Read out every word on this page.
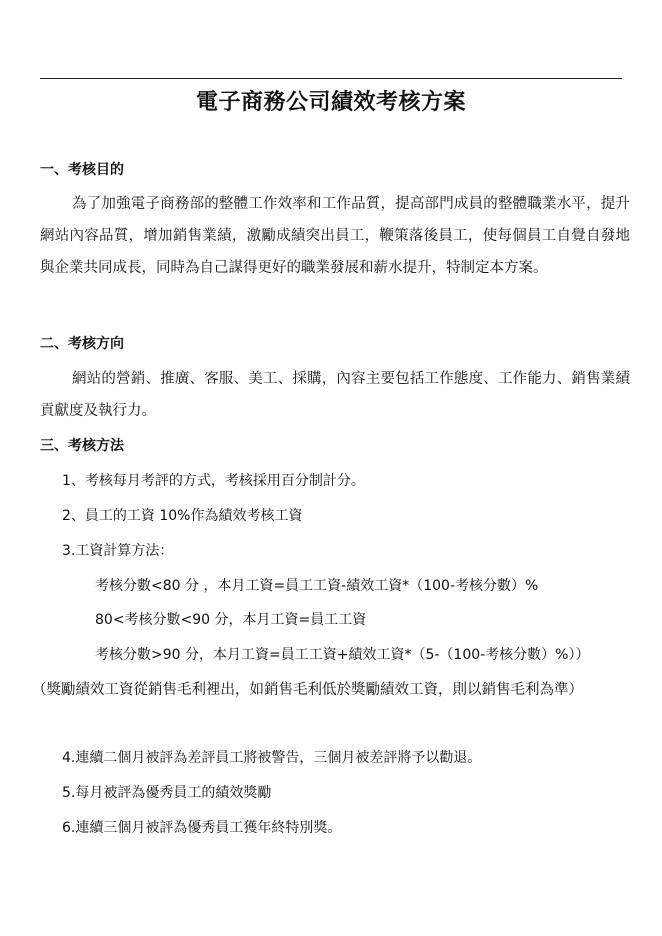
電子商務公司績效考核方案
一、考核目的
為了加強電子商務部的整體工作效率和工作品質，提高部門成員的整體職業水平，提升網站內容品質，增加銷售業績，激勵成績突出員工，鞭策落後員工，使每個員工自覺自發地與企業共同成長，同時為自己謀得更好的職業發展和薪水提升，特制定本方案。
二、考核方向
網站的營銷、推廣、客服、美工、採購，內容主要包括工作態度、工作能力、銷售業績貢獻度及執行力。
三、考核方法
1、考核每月考評的方式，考核採用百分制計分。
2、員工的工資 10%作為績效考核工資
3.工資計算方法：
考核分數<80 分 ，本月工資=員工工資-績效工資*（100-考核分數）%
80<考核分數<90 分，本月工資=員工工資
考核分數>90 分，本月工資=員工工資+績效工資*（5-（100-考核分數）%））
（獎勵績效工資從銷售毛利裡出，如銷售毛利低於獎勵績效工資，則以銷售毛利為準）
4.連續二個月被評為差評員工將被警告，三個月被差評將予以勸退。
5.每月被評為優秀員工的績效獎勵
6.連續三個月被評為優秀員工獲年終特別獎。
